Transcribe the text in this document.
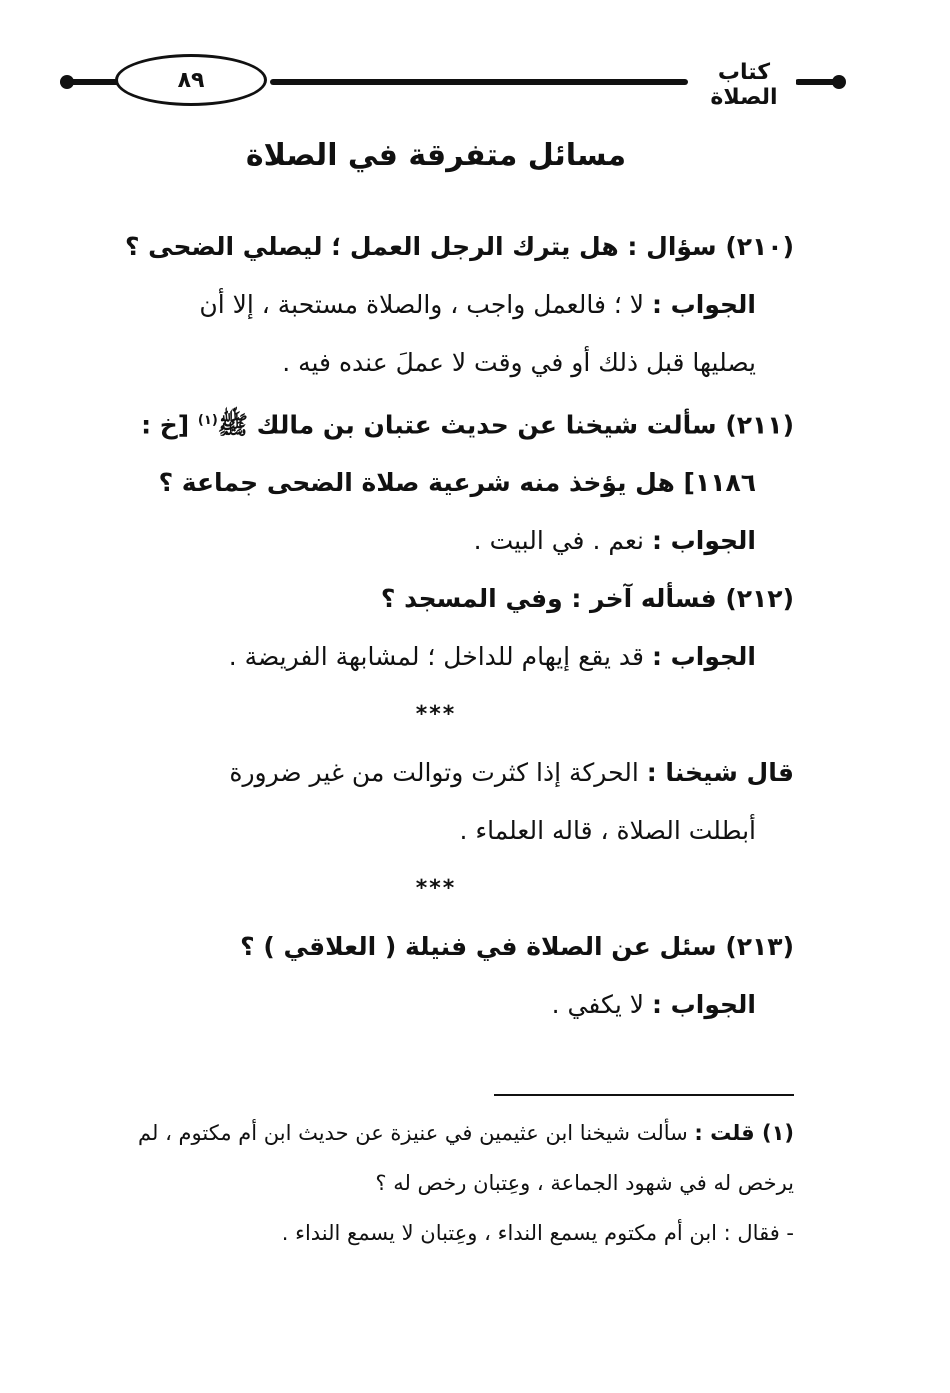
٨٩	كتاب الصلاة
مسائل متفرقة في الصلاة

(٢١٠) سؤال : هل يترك الرجل العمل ؛ ليصلي الضحى ؟

الجواب : لا ؛ فالعمل واجب ، والصلاة مستحبة ، إلا أن

يصليها قبل ذلك أو في وقت لا عملَ عنده فيه .

(٢١١) سألت شيخنا عن حديث عتبان بن مالك ﷺ$^{(١)}$ [خ :

١١٨٦] هل يؤخذ منه شرعية صلاة الضحى جماعة ؟

الجواب : نعم . في البيت .

(٢١٢) فسأله آخر : وفي المسجد ؟

الجواب : قد يقع إيهام للداخل ؛ لمشابهة الفريضة .

***

قال شيخنا : الحركة إذا كثرت وتوالت من غير ضرورة

أبطلت الصلاة ، قاله العلماء .

***

(٢١٣) سئل عن الصلاة في فنيلة ( العلاقي ) ؟

الجواب : لا يكفي .

(١) قلت : سألت شيخنا ابن عثيمين في عنيزة عن حديث ابن أم مكتوم ، لم

يرخص له في شهود الجماعة ، وعِتبان رخص له ؟

- فقال : ابن أم مكتوم يسمع النداء ، وعِتبان لا يسمع النداء .
